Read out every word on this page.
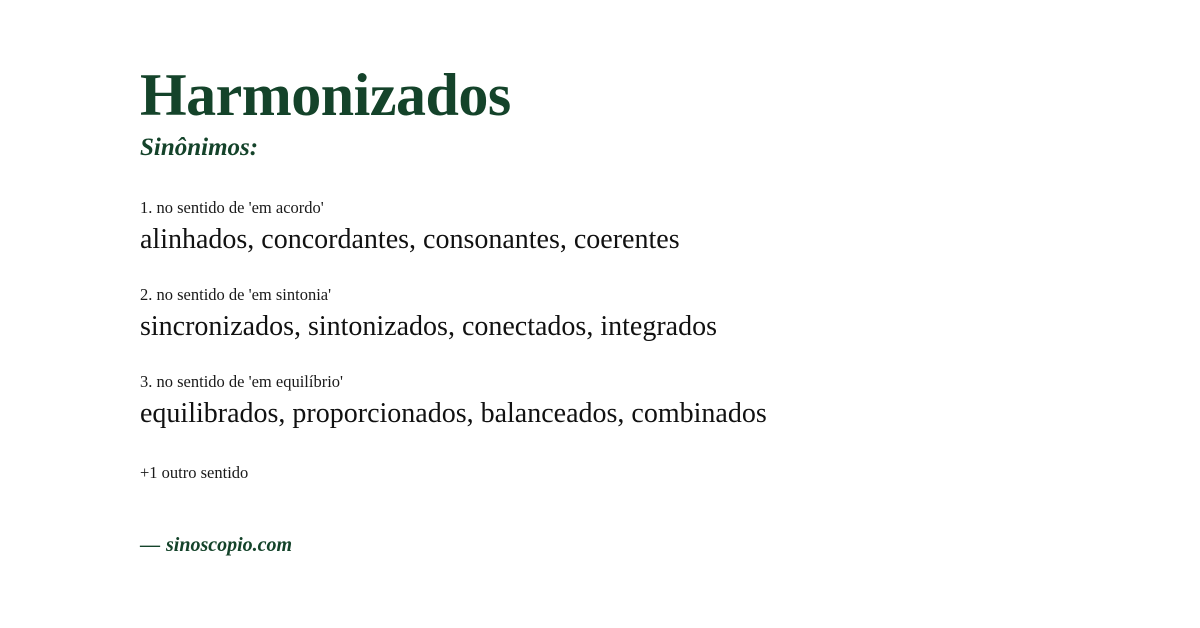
Harmonizados
Sinônimos:

1. no sentido de 'em acordo'

alinhados, concordantes, consonantes, coerentes

2. no sentido de 'em sintonia'

sincronizados, sintonizados, conectados, integrados

3. no sentido de 'em equilíbrio'

equilibrados, proporcionados, balanceados, combinados

+1 outro sentido
— sinoscopio.com
